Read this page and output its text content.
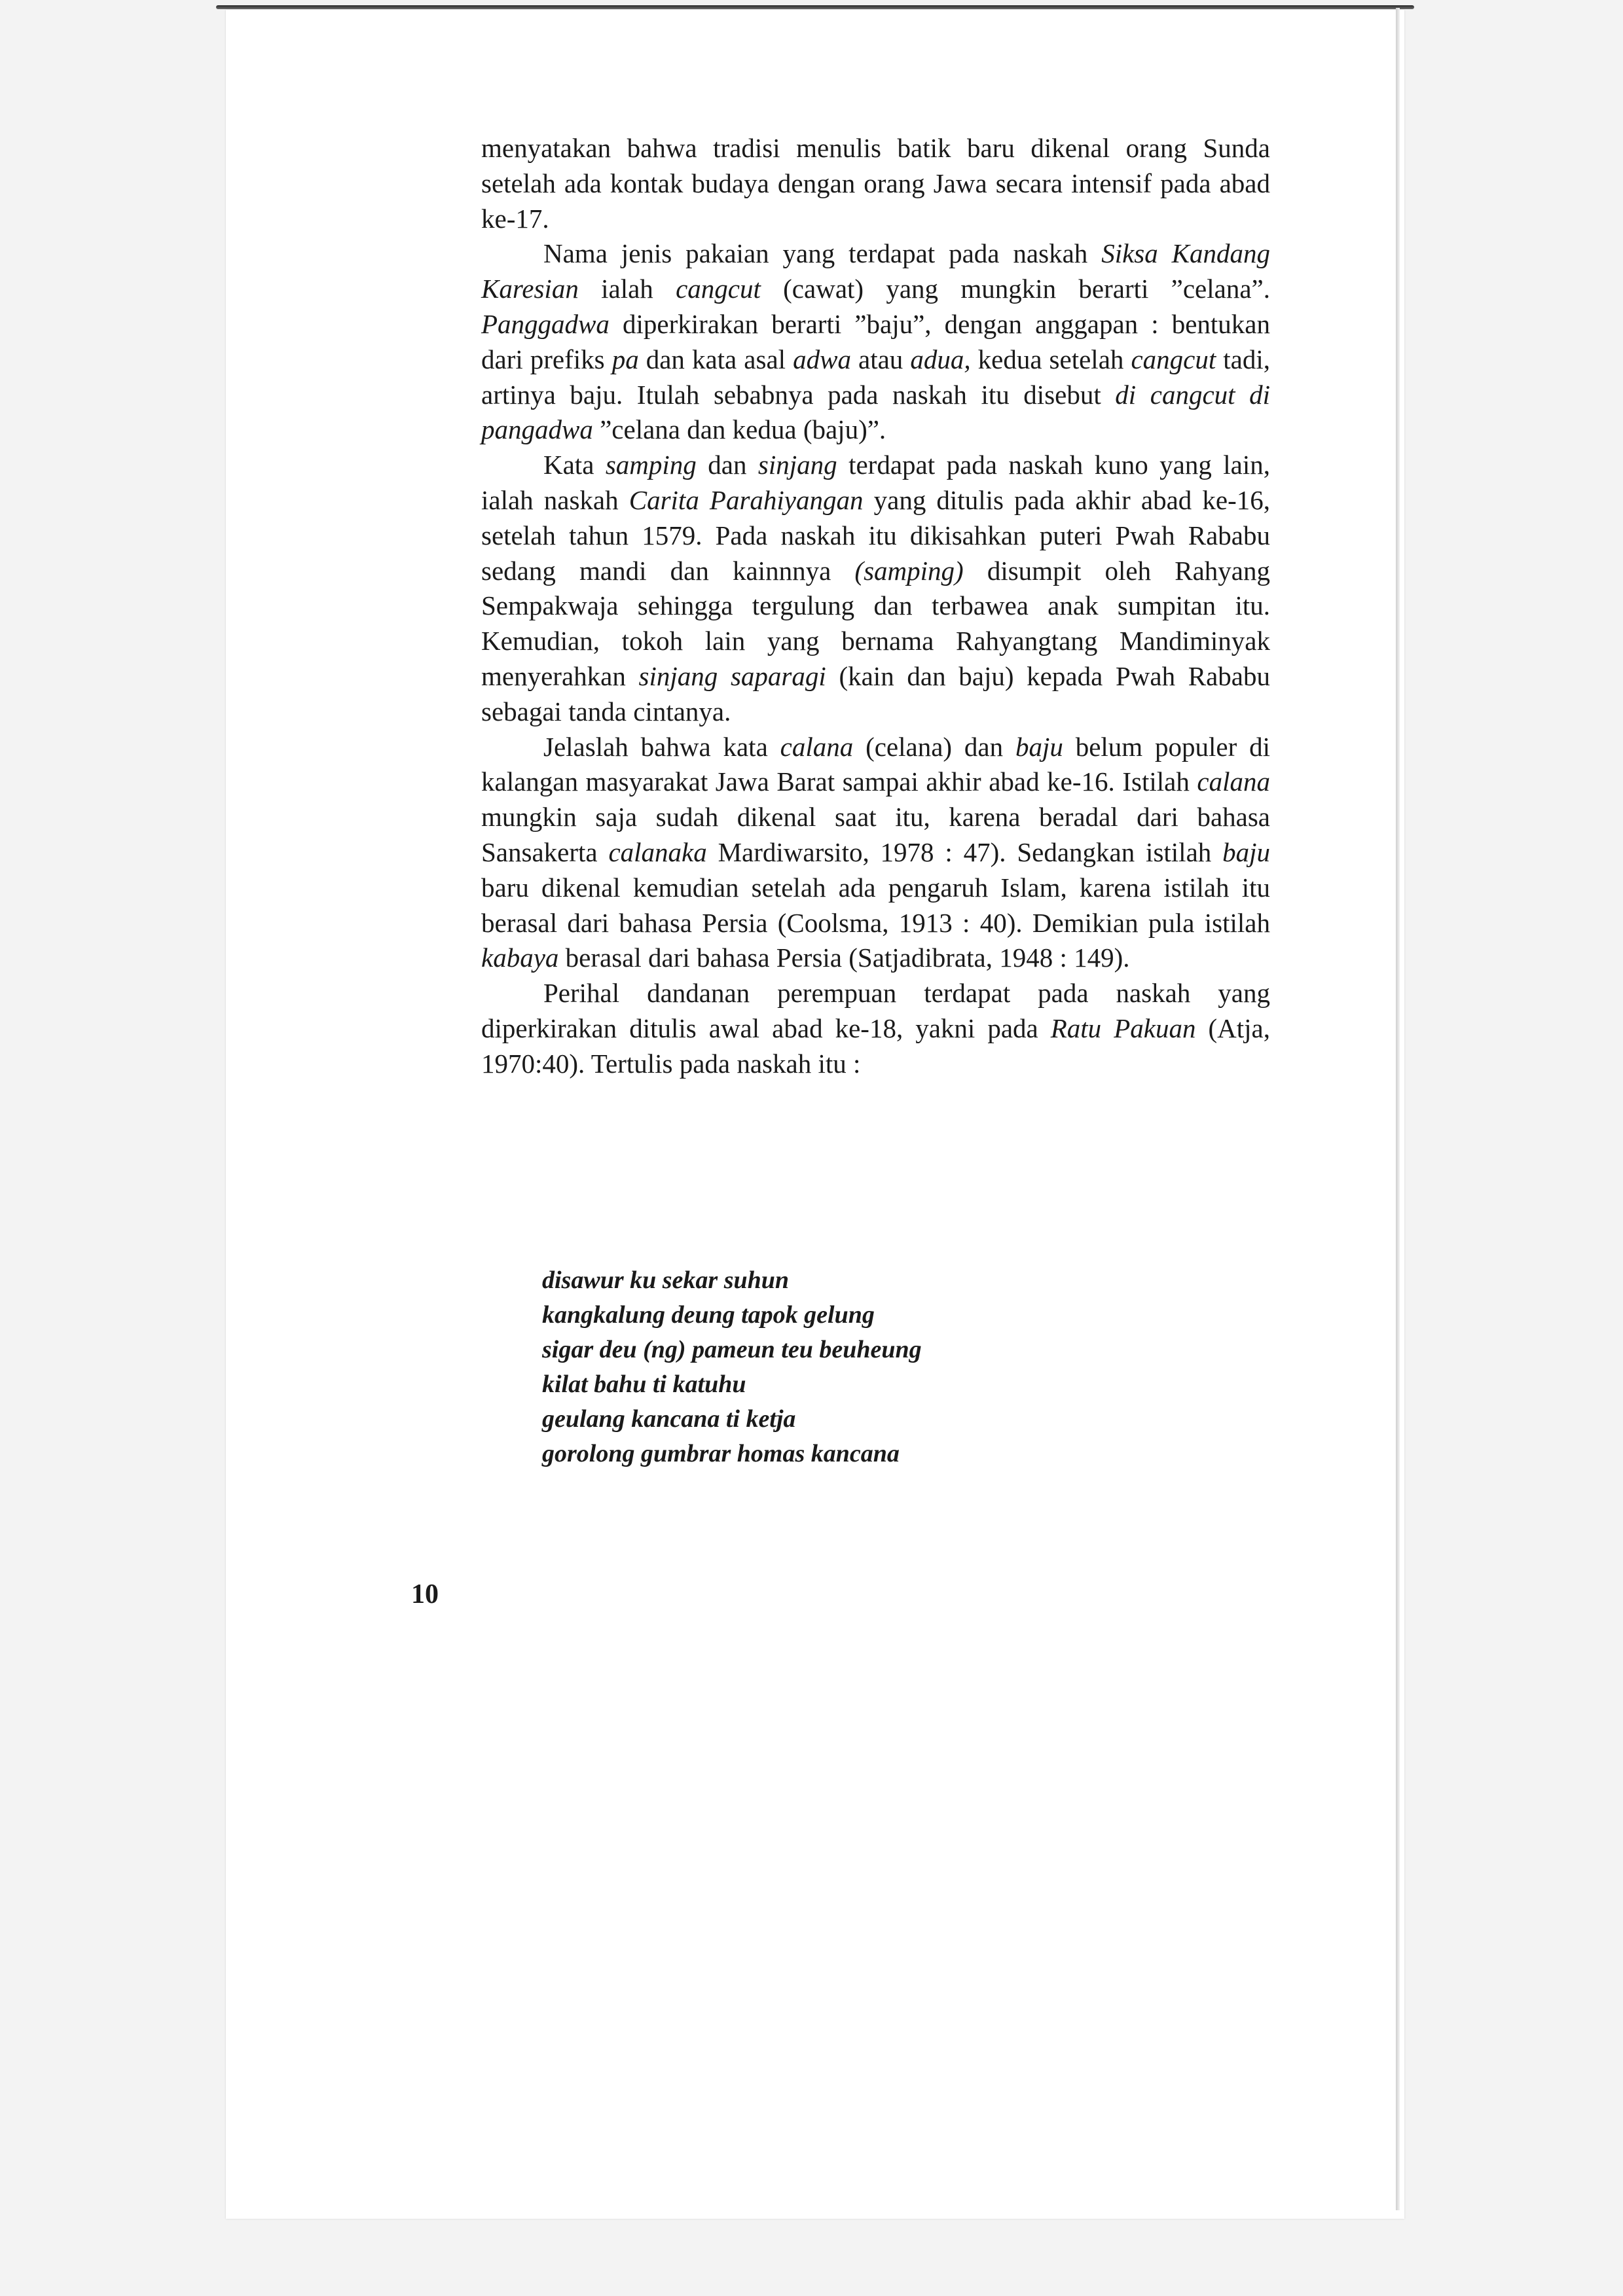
menyatakan bahwa tradisi menulis batik baru dikenal orang Sunda setelah ada kontak budaya dengan orang Jawa secara intensif pada abad ke-17.

Nama jenis pakaian yang terdapat pada naskah Siksa Kandang Karesian ialah cangcut (cawat) yang mungkin berarti ”celana”. Panggadwa diperkirakan berarti ”baju”, dengan anggapan : bentukan dari prefiks pa dan kata asal adwa atau adua, kedua setelah cangcut tadi, artinya baju. Itulah sebabnya pada naskah itu disebut di cangcut di pangadwa ”celana dan kedua (baju)”.

Kata samping dan sinjang terdapat pada naskah kuno yang lain, ialah naskah Carita Parahiyangan yang ditulis pada akhir abad ke-16, setelah tahun 1579. Pada naskah itu dikisahkan puteri Pwah Rababu sedang mandi dan kainnnya (samping) disumpit oleh Rahyang Sempakwaja sehingga tergulung dan terbawea anak sumpitan itu. Kemudian, tokoh lain yang bernama Rahyangtang Mandiminyak menyerahkan sinjang saparagi (kain dan baju) kepada Pwah Rababu sebagai tanda cintanya.

Jelaslah bahwa kata calana (celana) dan baju belum populer di kalangan masyarakat Jawa Barat sampai akhir abad ke-16. Istilah calana mungkin saja sudah dikenal saat itu, karena beradal dari bahasa Sansakerta calanaka Mardiwarsito, 1978 : 47). Sedangkan istilah baju baru dikenal kemudian setelah ada pengaruh Islam, karena istilah itu berasal dari bahasa Persia (Coolsma, 1913 : 40). Demikian pula istilah kabaya berasal dari bahasa Persia (Satjadibrata, 1948 : 149).

Perihal dandanan perempuan terdapat pada naskah yang diperkirakan ditulis awal abad ke-18, yakni pada Ratu Pakuan (Atja, 1970:40). Tertulis pada naskah itu :

disawur ku sekar suhun
kangkalung deung tapok gelung
sigar deu (ng) pameun teu beuheung
kilat bahu ti katuhu
geulang kancana ti ketja
gorolong gumbrar homas kancana
10
